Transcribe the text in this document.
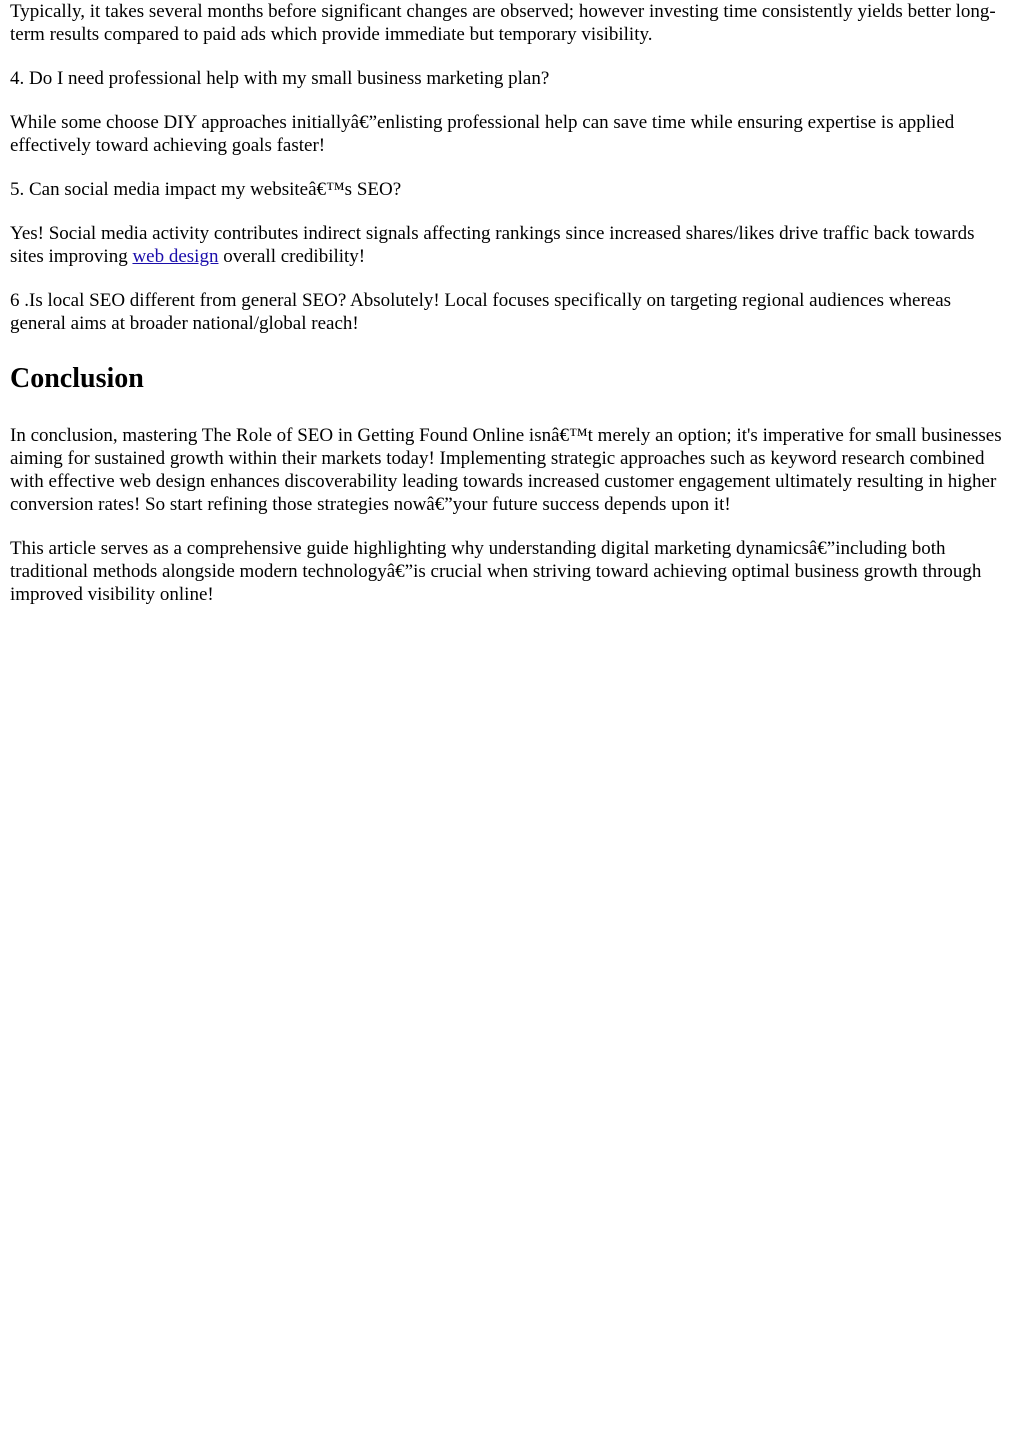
Typically, it takes several months before significant changes are observed; however investing time consistently yields better long-term results compared to paid ads which provide immediate but temporary visibility.

4. Do I need professional help with my small business marketing plan?

While some choose DIY approaches initiallyâ€”enlisting professional help can save time while ensuring expertise is applied effectively toward achieving goals faster!

5. Can social media impact my websiteâ€™s SEO?

Yes! Social media activity contributes indirect signals affecting rankings since increased shares/likes drive traffic back towards sites improving web design overall credibility!

6 .Is local SEO different from general SEO? Absolutely! Local focuses specifically on targeting regional audiences whereas general aims at broader national/global reach!

Conclusion

In conclusion, mastering The Role of SEO in Getting Found Online isnâ€™t merely an option; it's imperative for small businesses aiming for sustained growth within their markets today! Implementing strategic approaches such as keyword research combined with effective web design enhances discoverability leading towards increased customer engagement ultimately resulting in higher conversion rates! So start refining those strategies nowâ€”your future success depends upon it!

This article serves as a comprehensive guide highlighting why understanding digital marketing dynamicsâ€”including both traditional methods alongside modern technologyâ€”is crucial when striving toward achieving optimal business growth through improved visibility online!
